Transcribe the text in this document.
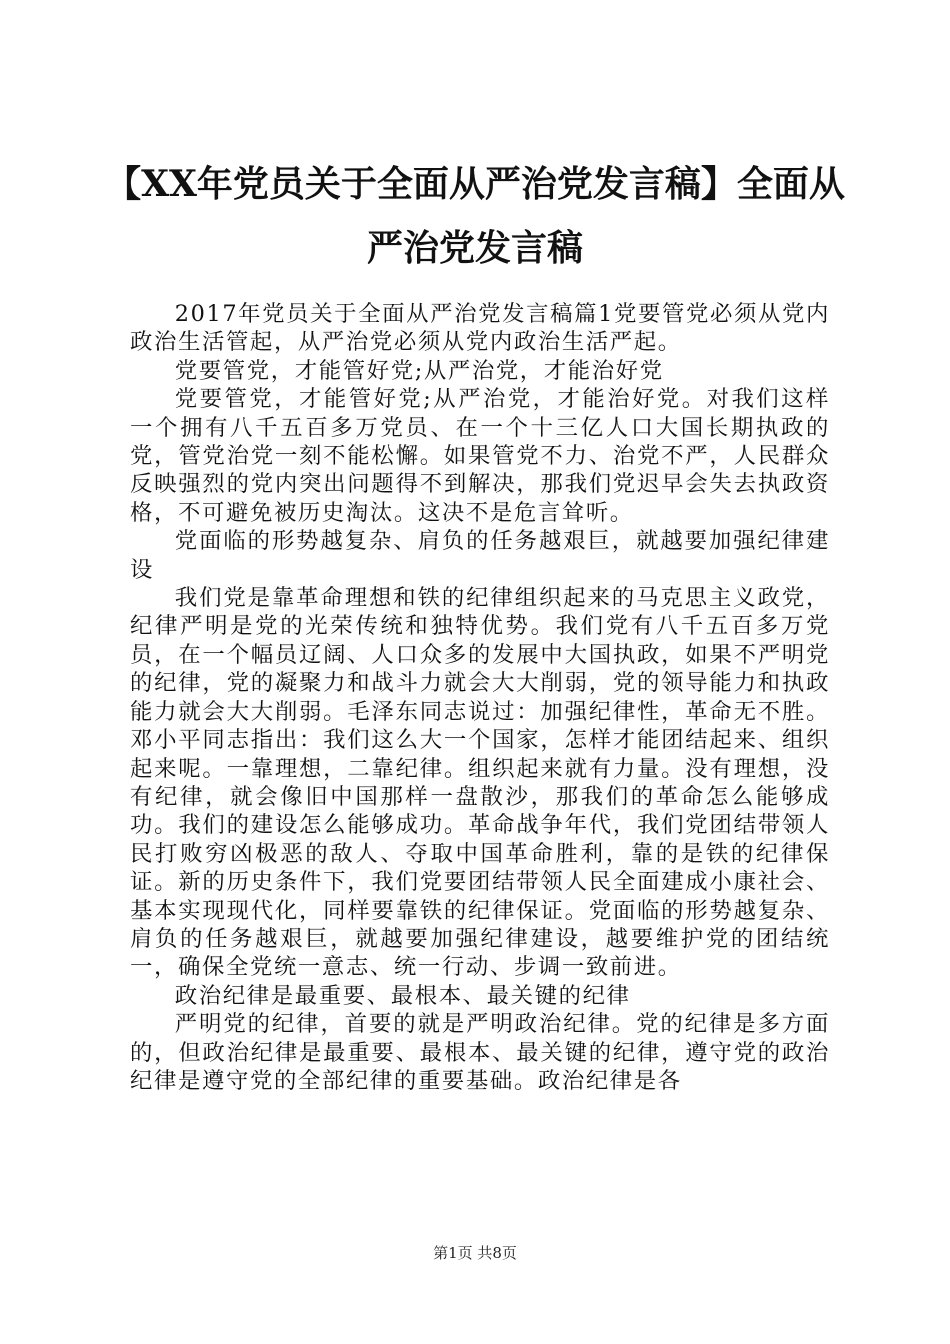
【XX年党员关于全面从严治党发言稿】全面从严治党发言稿

2017年党员关于全面从严治党发言稿篇1党要管党必须从党内政治生活管起，从严治党必须从党内政治生活严起。

党要管党，才能管好党;从严治党，才能治好党

党要管党，才能管好党;从严治党，才能治好党。对我们这样一个拥有八千五百多万党员、在一个十三亿人口大国长期执政的党，管党治党一刻不能松懈。如果管党不力、治党不严，人民群众反映强烈的党内突出问题得不到解决，那我们党迟早会失去执政资格，不可避免被历史淘汰。这决不是危言耸听。

党面临的形势越复杂、肩负的任务越艰巨，就越要加强纪律建设

我们党是靠革命理想和铁的纪律组织起来的马克思主义政党，纪律严明是党的光荣传统和独特优势。我们党有八千五百多万党员，在一个幅员辽阔、人口众多的发展中大国执政，如果不严明党的纪律，党的凝聚力和战斗力就会大大削弱，党的领导能力和执政能力就会大大削弱。毛泽东同志说过：加强纪律性，革命无不胜。邓小平同志指出：我们这么大一个国家，怎样才能团结起来、组织起来呢。一靠理想，二靠纪律。组织起来就有力量。没有理想，没有纪律，就会像旧中国那样一盘散沙，那我们的革命怎么能够成功。我们的建设怎么能够成功。革命战争年代，我们党团结带领人民打败穷凶极恶的敌人、夺取中国革命胜利，靠的是铁的纪律保证。新的历史条件下，我们党要团结带领人民全面建成小康社会、基本实现现代化，同样要靠铁的纪律保证。党面临的形势越复杂、肩负的任务越艰巨，就越要加强纪律建设，越要维护党的团结统一，确保全党统一意志、统一行动、步调一致前进。

政治纪律是最重要、最根本、最关键的纪律

严明党的纪律，首要的就是严明政治纪律。党的纪律是多方面的，但政治纪律是最重要、最根本、最关键的纪律，遵守党的政治纪律是遵守党的全部纪律的重要基础。政治纪律是各

第1页 共8页
